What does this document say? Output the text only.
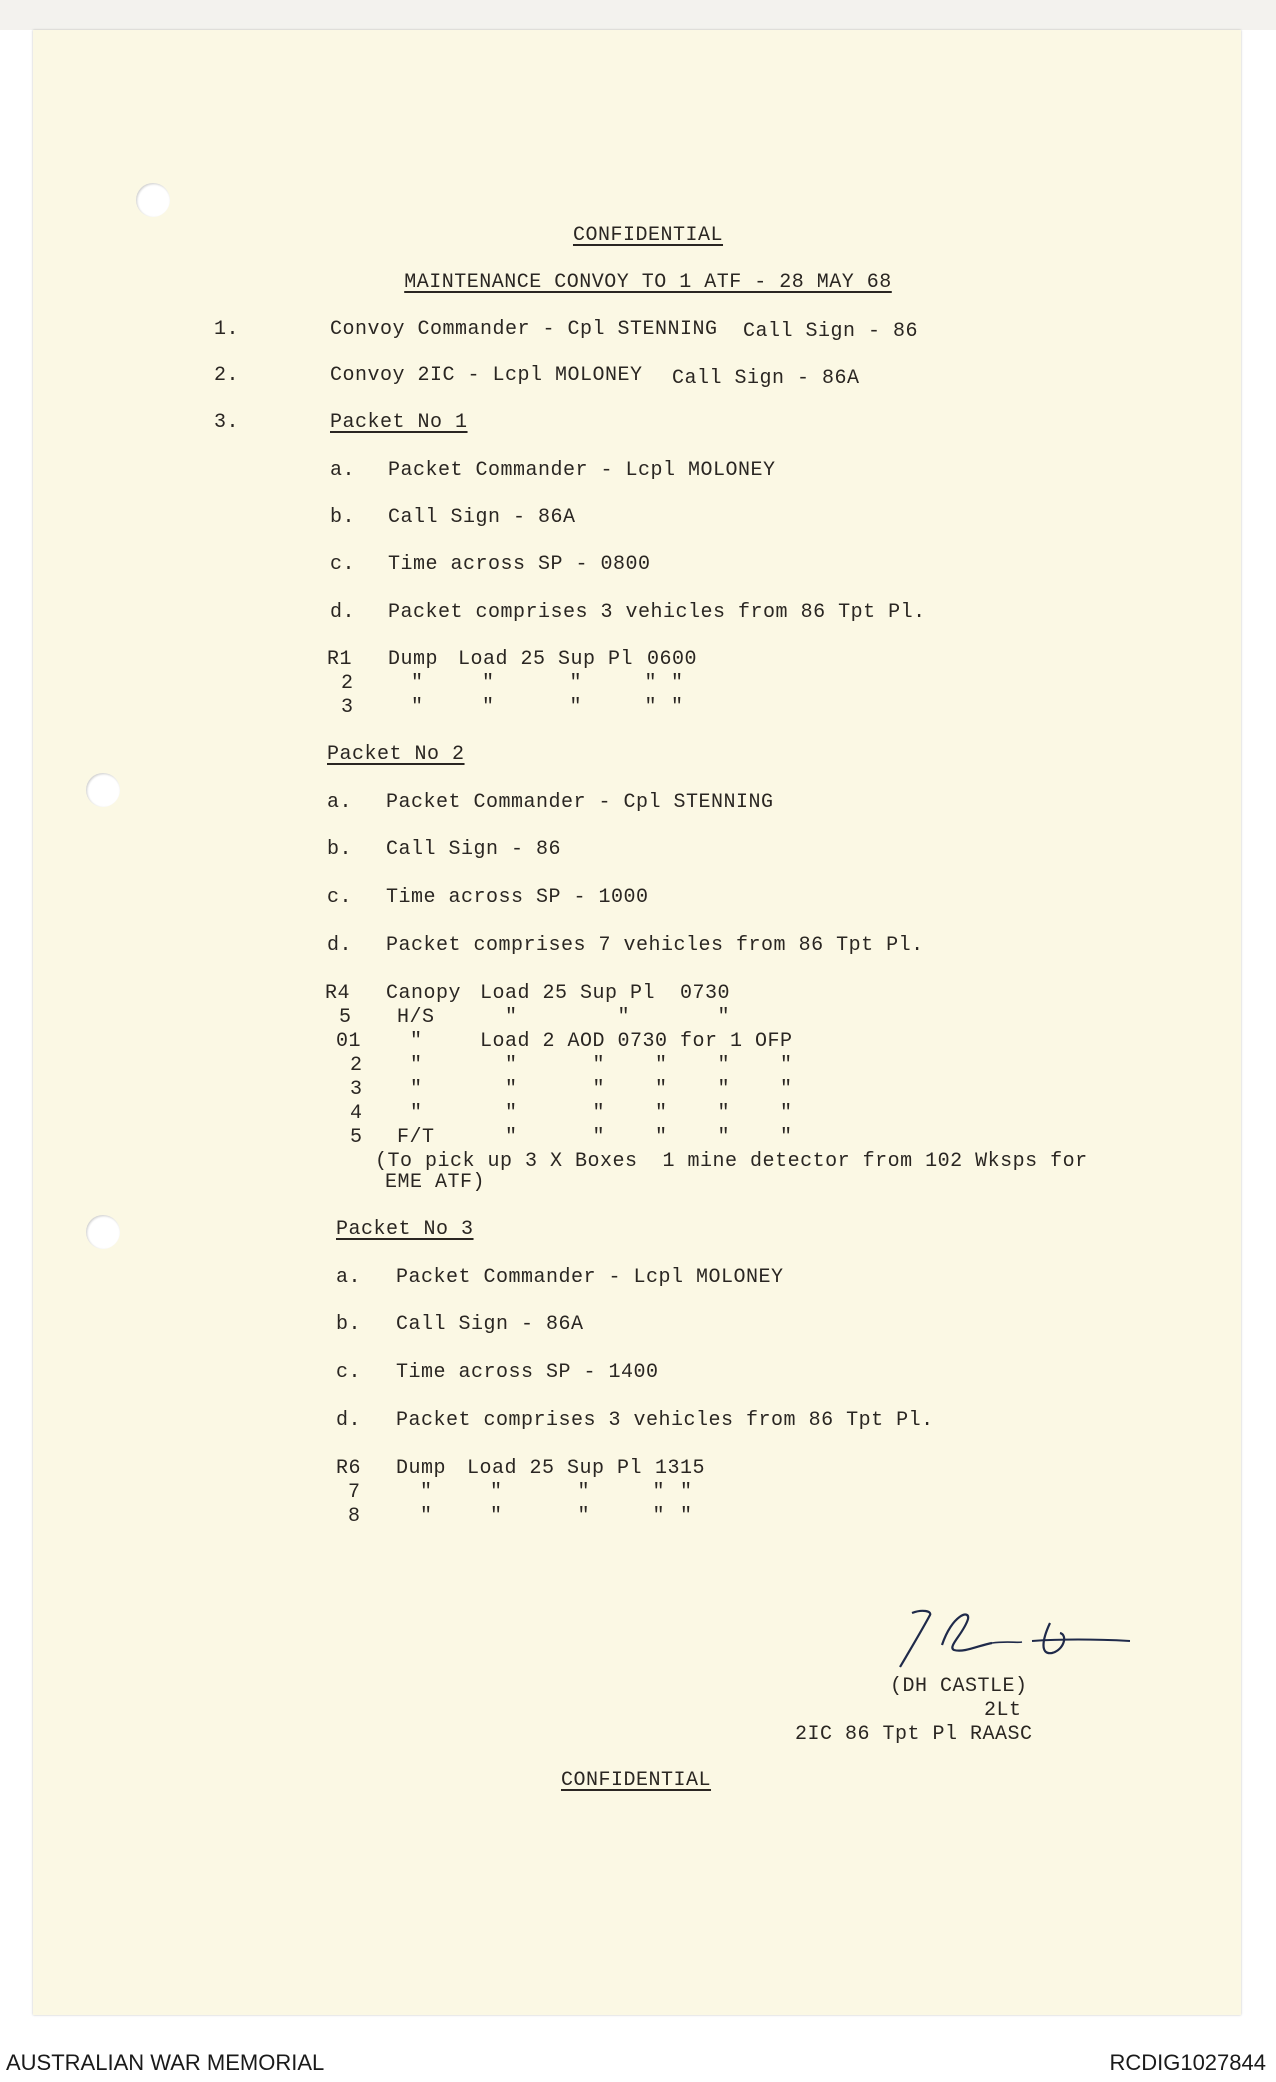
CONFIDENTIAL
MAINTENANCE CONVOY TO 1 ATF - 28 MAY 68
1.	Convoy Commander - Cpl STENNING Call Sign - 86
2.	Convoy 2IC - Lcpl MOLONEY Call Sign - 86A
3.	Packet No 1
a. Packet Commander - Lcpl MOLONEY
b. Call Sign - 86A
c. Time across SP - 0800
d. Packet comprises 3 vehicles from 86 Tpt Pl.
R1 Dump Load 25 Sup Pl 0600
2	"	"      "     " "
3	"	"      "     " "
Packet No 2
a. Packet Commander - Cpl STENNING
b. Call Sign - 86
c. Time across SP - 1000
d. Packet comprises 7 vehicles from 86 Tpt Pl.
R4 Canopy Load 25 Sup Pl  0730
5 H/S "        "       "
01 "	Load 2 AOD 0730 for 1 OFP
2 "	"      "    "    "    "
3 "	"      "    "    "    "
4 "	"      "    "    "    "
5 F/T "      "    "    "    "
(To pick up 3 X Boxes  1 mine detector from 102 Wksps for
EME ATF)
Packet No 3
a. Packet Commander - Lcpl MOLONEY
b. Call Sign - 86A
c. Time across SP - 1400
d. Packet comprises 3 vehicles from 86 Tpt Pl.
R6 Dump Load 25 Sup Pl 1315
7	"	"      "     " "
8	"	"      "     " "
(DH CASTLE)
2Lt
2IC 86 Tpt Pl RAASC
CONFIDENTIAL
AUSTRALIAN WAR MEMORIAL	RCDIG1027844
